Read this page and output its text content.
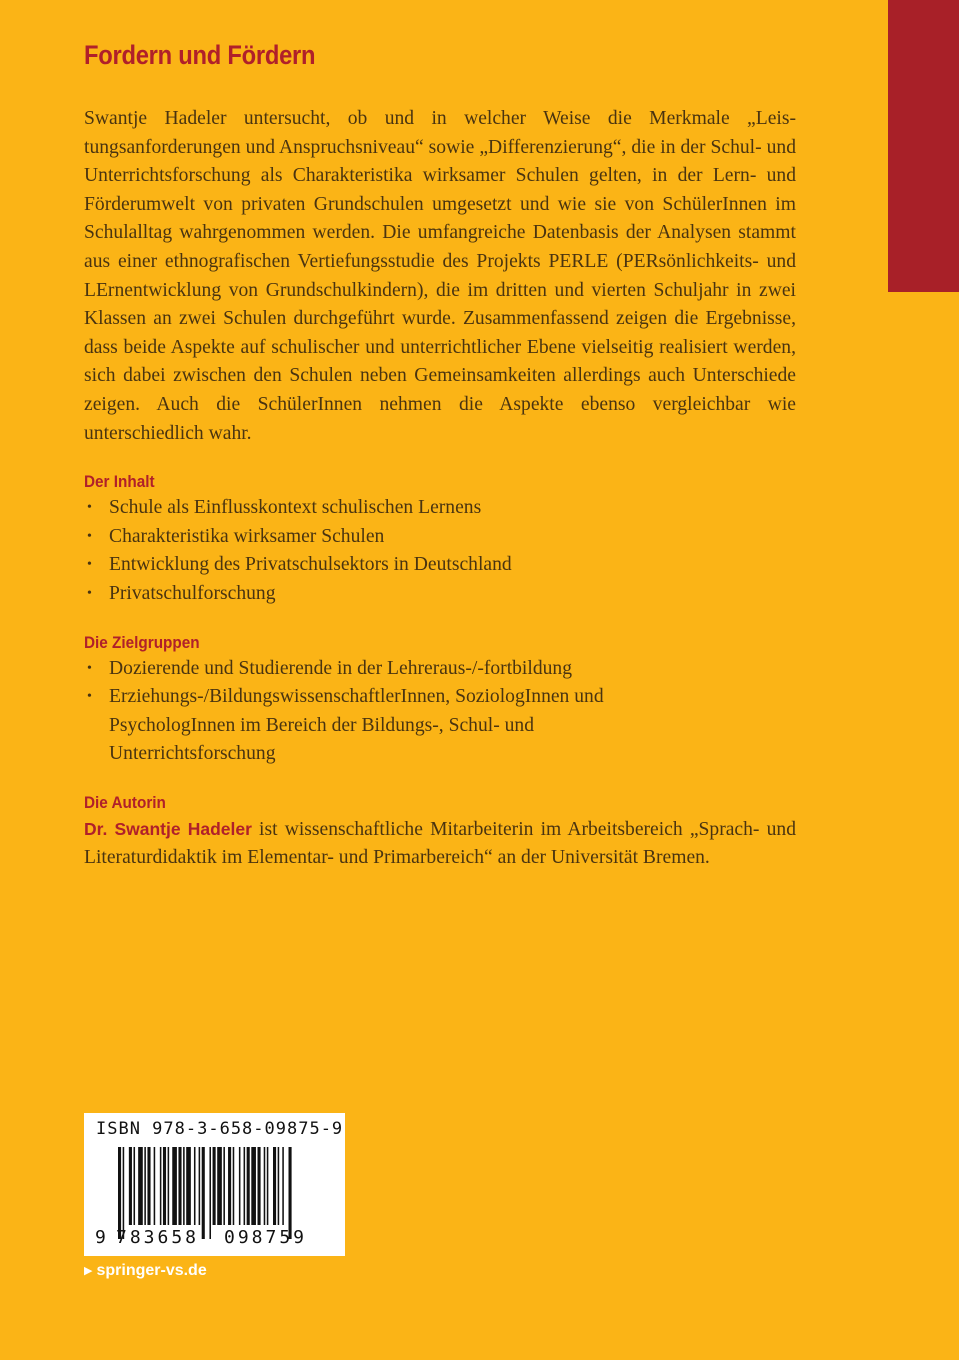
Fordern und Fördern

Swantje Hadeler untersucht, ob und in welcher Weise die Merkmale „Leistungsanforderungen und Anspruchsniveau“ sowie „Differenzierung“, die in der Schul- und Unterrichtsforschung als Charakteristika wirksamer Schulen gelten, in der Lern- und Förderumwelt von privaten Grundschulen umgesetzt und wie sie von SchülerInnen im Schulalltag wahrgenommen werden. Die umfangreiche Datenbasis der Analysen stammt aus einer ethnografischen Vertiefungsstudie des Projekts PERLE (PERsönlichkeits- und LErnentwicklung von Grundschulkindern), die im dritten und vierten Schuljahr in zwei Klassen an zwei Schulen durchgeführt wurde. Zusammenfassend zeigen die Ergebnisse, dass beide Aspekte auf schulischer und unterrichtlicher Ebene vielseitig realisiert werden, sich dabei zwischen den Schulen neben Gemeinsamkeiten allerdings auch Unterschiede zeigen. Auch die SchülerInnen nehmen die Aspekte ebenso vergleichbar wie unterschiedlich wahr.

Der Inhalt
• Schule als Einflusskontext schulischen Lernens
• Charakteristika wirksamer Schulen
• Entwicklung des Privatschulsektors in Deutschland
• Privatschulforschung
Die Zielgruppen
• Dozierende und Studierende in der Lehreraus-/-fortbildung
• Erziehungs-/BildungswissenschaftlerInnen, SoziologInnen und PsychologInnen im Bereich der Bildungs-, Schul- und Unterrichtsforschung
Die Autorin

Dr. Swantje Hadeler ist wissenschaftliche Mitarbeiterin im Arbeitsbereich „Sprach- und Literaturdidaktik im Elementar- und Primarbereich“ an der Universität Bremen.

ISBN 978-3-658-09875-9
9 783658 098759
▶ springer-vs.de
